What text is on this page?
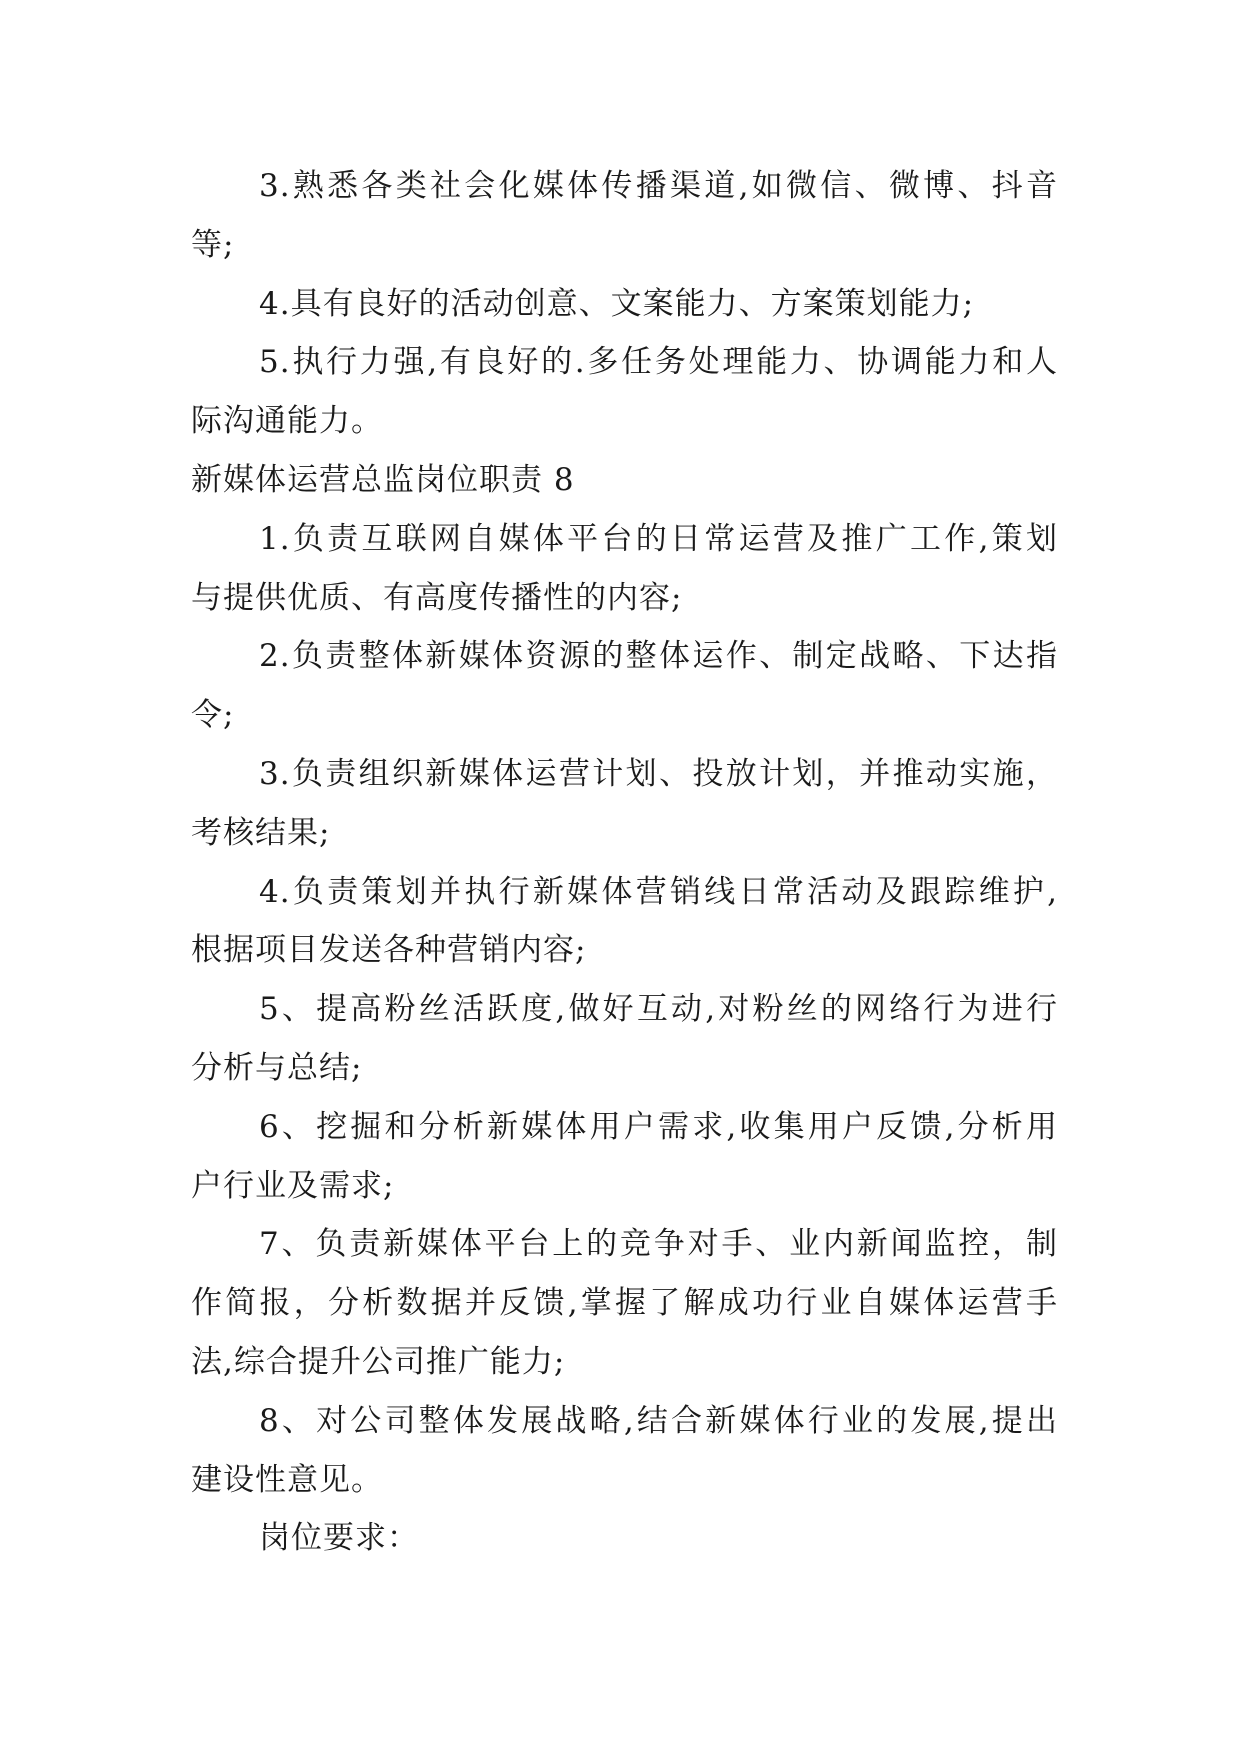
3.熟悉各类社会化媒体传播渠道,如微信、微博、抖音
等;
4.具有良好的活动创意、文案能力、方案策划能力;
5.执行力强,有良好的.多任务处理能力、协调能力和人
际沟通能力。
新媒体运营总监岗位职责 8
1.负责互联网自媒体平台的日常运营及推广工作,策划
与提供优质、有高度传播性的内容;
2.负责整体新媒体资源的整体运作、制定战略、下达指
令;
3.负责组织新媒体运营计划、投放计划，并推动实施，
考核结果;
4.负责策划并执行新媒体营销线日常活动及跟踪维护,
根据项目发送各种营销内容;
5、提高粉丝活跃度,做好互动,对粉丝的网络行为进行
分析与总结;
6、挖掘和分析新媒体用户需求,收集用户反馈,分析用
户行业及需求;
7、负责新媒体平台上的竞争对手、业内新闻监控，制
作简报，分析数据并反馈,掌握了解成功行业自媒体运营手
法,综合提升公司推广能力;
8、对公司整体发展战略,结合新媒体行业的发展,提出
建设性意见。
岗位要求：
